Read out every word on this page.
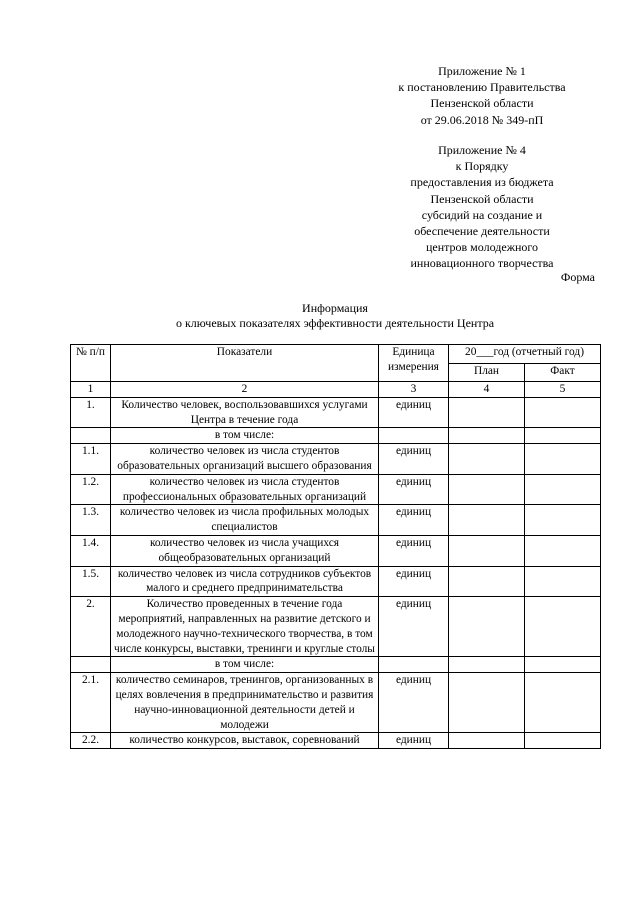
Приложение № 1
к постановлению Правительства
Пензенской области
от 29.06.2018 № 349-пП
Приложение № 4
к Порядку
предоставления из бюджета
Пензенской области
субсидий на создание и
обеспечение деятельности
центров молодежного
инновационного творчества
Форма
Информация
о ключевых показателях эффективности деятельности Центра
№ п/п	Показатели	Единица измерения	20___год (отчетный год)	
			План	Факт
1	2	3	4	5
1.	Количество человек, воспользовавшихся услугами Центра в течение года	единиц		
	в том числе:			
1.1.	количество человек из числа студентов образовательных организаций высшего образования	единиц		
1.2.	количество человек из числа студентов профессиональных образовательных организаций	единиц		
1.3.	количество человек из числа профильных молодых специалистов	единиц		
1.4.	количество человек из числа учащихся общеобразовательных организаций	единиц		
1.5.	количество человек из числа сотрудников субъектов малого и среднего предпринимательства	единиц		
2.	Количество проведенных в течение года мероприятий, направленных на развитие детского и молодежного научно-технического творчества, в том числе конкурсы, выставки, тренинги и круглые столы	единиц		
	в том числе:			
2.1.	количество семинаров, тренингов, организованных в целях вовлечения в предпринимательство и развития научно-инновационной деятельности детей и молодежи	единиц		
2.2.	количество конкурсов, выставок, соревнований	единиц		
